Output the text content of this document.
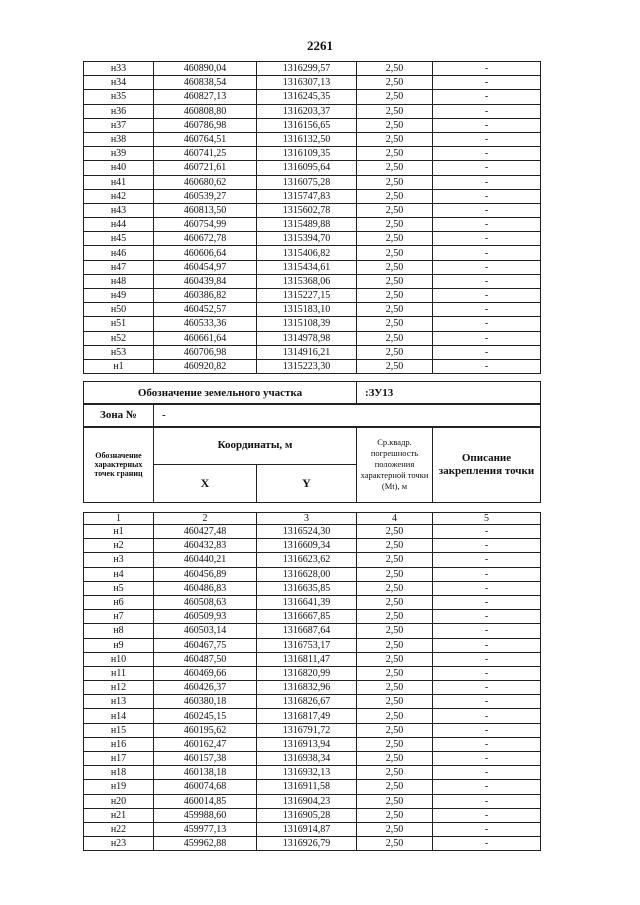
2261
н33	460890,04	1316299,57	2,50	-
н34	460838,54	1316307,13	2,50	-
н35	460827,13	1316245,35	2,50	-
н36	460808,80	1316203,37	2,50	-
н37	460786,98	1316156,65	2,50	-
н38	460764,51	1316132,50	2,50	-
н39	460741,25	1316109,35	2,50	-
н40	460721,61	1316095,64	2,50	-
н41	460680,62	1316075,28	2,50	-
н42	460539,27	1315747,83	2,50	-
н43	460813,50	1315602,78	2,50	-
н44	460754,99	1315489,88	2,50	-
н45	460672,78	1315394,70	2,50	-
н46	460606,64	1315406,82	2,50	-
н47	460454,97	1315434,61	2,50	-
н48	460439,84	1315368,06	2,50	-
н49	460386,82	1315227,15	2,50	-
н50	460452,57	1315183,10	2,50	-
н51	460533,36	1315108,39	2,50	-
н52	460661,64	1314978,98	2,50	-
н53	460706,98	1314916,21	2,50	-
н1	460920,82	1315223,30	2,50	-
Обозначение земельного участка	:ЗУ13
Зона №	-
Обозначение характерных точек границ	Координаты, м		Ср.квадр. погрешность положения характерной точки (Мt), м	Описание закрепления точки
	X	Y		
1	2	3	4	5
н1	460427,48	1316524,30	2,50	-
н2	460432,83	1316609,34	2,50	-
н3	460440,21	1316623,62	2,50	-
н4	460456,89	1316628,00	2,50	-
н5	460486,83	1316635,85	2,50	-
н6	460508,63	1316641,39	2,50	-
н7	460509,93	1316667,85	2,50	-
н8	460503,14	1316687,64	2,50	-
н9	460467,75	1316753,17	2,50	-
н10	460487,50	1316811,47	2,50	-
н11	460469,66	1316820,99	2,50	-
н12	460426,37	1316832,96	2,50	-
н13	460380,18	1316826,67	2,50	-
н14	460245,15	1316817,49	2,50	-
н15	460195,62	1316791,72	2,50	-
н16	460162,47	1316913,94	2,50	-
н17	460157,38	1316938,34	2,50	-
н18	460138,18	1316932,13	2,50	-
н19	460074,68	1316911,58	2,50	-
н20	460014,85	1316904,23	2,50	-
н21	459988,60	1316905,28	2,50	-
н22	459977,13	1316914,87	2,50	-
н23	459962,88	1316926,79	2,50	-
